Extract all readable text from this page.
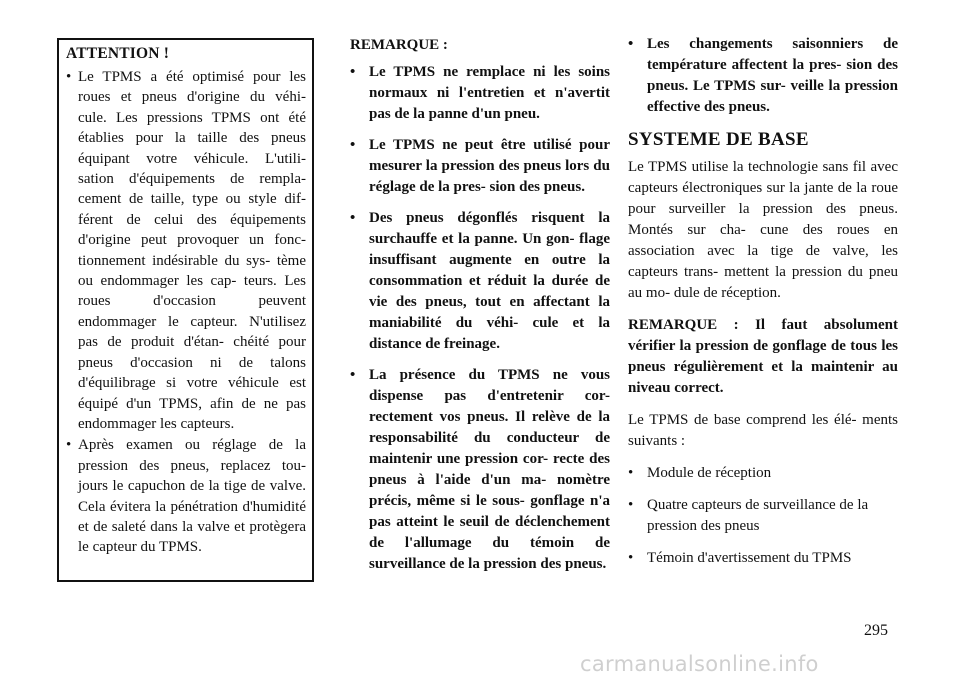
ATTENTION !
• Le TPMS a été optimisé pour les roues et pneus d'origine du véhi- cule. Les pressions TPMS ont été établies pour la taille des pneus équipant votre véhicule. L'utili- sation d'équipements de rempla- cement de taille, type ou style dif- férent de celui des équipements d'origine peut provoquer un fonc- tionnement indésirable du sys- tème ou endommager les cap- teurs. Les roues d'occasion peuvent endommager le capteur. N'utilisez pas de produit d'étan- chéité pour pneus d'occasion ni de talons d'équilibrage si votre véhicule est équipé d'un TPMS, afin de ne pas endommager les capteurs.
• Après examen ou réglage de la pression des pneus, replacez tou- jours le capuchon de la tige de valve. Cela évitera la pénétration d'humidité et de saleté dans la valve et protègera le capteur du TPMS.
REMARQUE :
• Le TPMS ne remplace ni les soins normaux ni l'entretien et n'avertit pas de la panne d'un pneu.
• Le TPMS ne peut être utilisé pour mesurer la pression des pneus lors du réglage de la pres- sion des pneus.
• Des pneus dégonflés risquent la surchauffe et la panne. Un gon- flage insuffisant augmente en outre la consommation et réduit la durée de vie des pneus, tout en affectant la maniabilité du véhi- cule et la distance de freinage.
• La présence du TPMS ne vous dispense pas d'entretenir cor- rectement vos pneus. Il relève de la responsabilité du conducteur de maintenir une pression cor- recte des pneus à l'aide d'un ma- nomètre précis, même si le sous- gonflage n'a pas atteint le seuil de déclenchement de l'allumage du témoin de surveillance de la pression des pneus.
• Les changements saisonniers de température affectent la pres- sion des pneus. Le TPMS sur- veille la pression effective des pneus.
SYSTEME DE BASE

Le TPMS utilise la technologie sans fil avec capteurs électroniques sur la jante de la roue pour surveiller la pression des pneus. Montés sur cha- cune des roues en association avec la tige de valve, les capteurs trans- mettent la pression du pneu au mo- dule de réception.

REMARQUE : Il faut absolument vérifier la pression de gonflage de tous les pneus régulièrement et la maintenir au niveau correct.

Le TPMS de base comprend les élé- ments suivants :

• Module de réception
• Quatre capteurs de surveillance de la pression des pneus
• Témoin d'avertissement du TPMS
295
carmanualsonline.info
